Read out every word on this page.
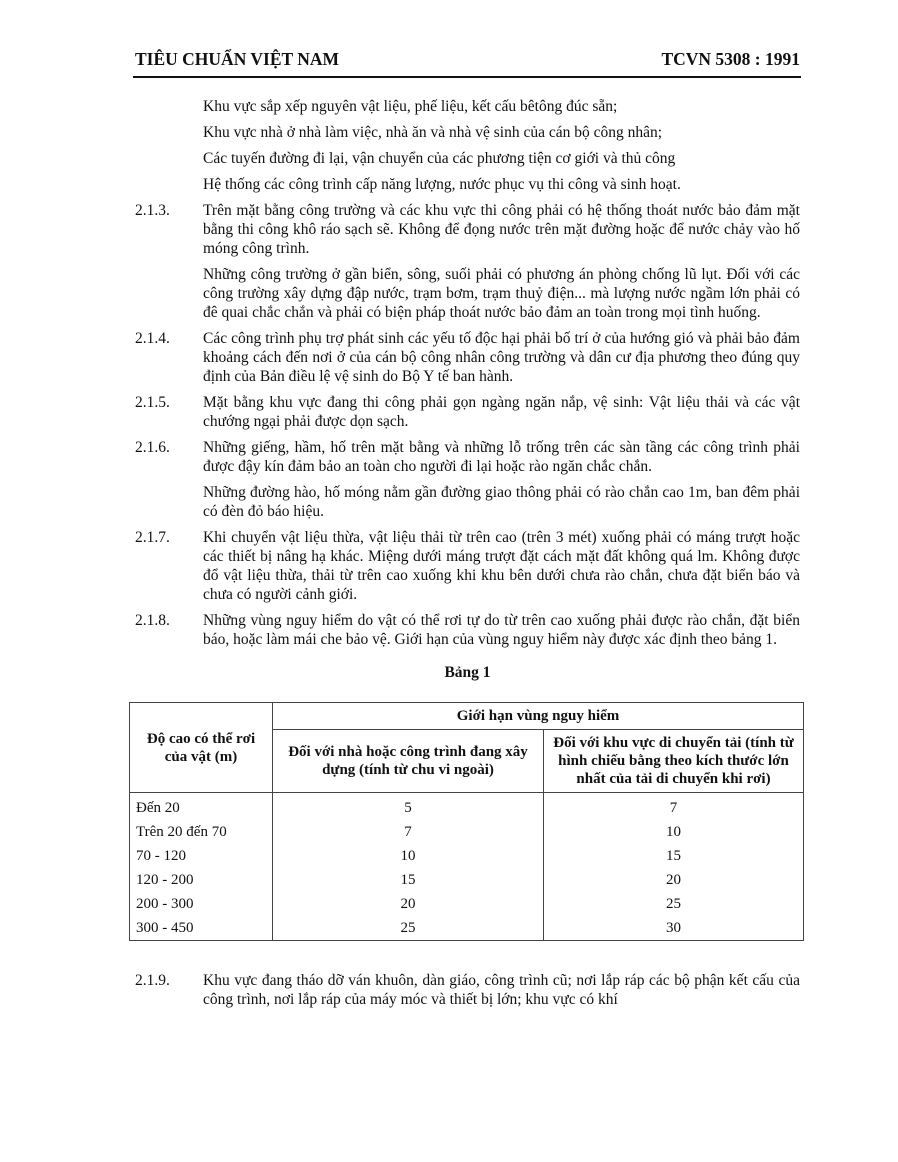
TIÊU CHUẨN VIỆT NAM	TCVN 5308 : 1991

Khu vực sắp xếp nguyên vật liệu, phế liệu, kết cấu bêtông đúc sẵn;

Khu vực nhà ở nhà làm việc, nhà ăn và nhà vệ sinh của cán bộ công nhân;

Các tuyến đường đi lại, vận chuyển của các phương tiện cơ giới và thủ công

Hệ thống các công trình cấp năng lượng, nước phục vụ thi công và sinh hoạt.

2.1.3.	Trên mặt bằng công trường và các khu vực thi công phải có hệ thống thoát nước bảo đảm mặt bằng thi công khô ráo sạch sẽ. Không để đọng nước trên mặt đường hoặc để nước chảy vào hố móng công trình.

Những công trường ở gần biển, sông, suối phải có phương án phòng chống lũ lụt. Đối với các công trường xây dựng đập nước, trạm bơm, trạm thuỷ điện... mà lượng nước ngầm lớn phải có đê quai chắc chắn và phải có biện pháp thoát nước bảo đảm an toàn trong mọi tình huống.

2.1.4.	Các công trình phụ trợ phát sinh các yếu tố độc hại phải bố trí ở của hướng gió và phải bảo đảm khoảng cách đến nơi ở của cán bộ công nhân công trường và dân cư địa phương theo đúng quy định của Bản điều lệ vệ sinh do Bộ Y tế ban hành.
2.1.5.	Mặt bằng khu vực đang thi công phải gọn ngàng ngăn nắp, vệ sinh: Vật liệu thải và các vật chướng ngại phải được dọn sạch.
2.1.6.	Những giếng, hầm, hố trên mặt bằng và những lỗ trống trên các sàn tầng các công trình phải được đậy kín đảm bảo an toàn cho người đi lại hoặc rào ngăn chắc chắn.

Những đường hào, hố móng nằm gần đường giao thông phải có rào chắn cao 1m, ban đêm phải có đèn đỏ báo hiệu.

2.1.7.	Khi chuyển vật liệu thừa, vật liệu thải từ trên cao (trên 3 mét) xuống phải có máng trượt hoặc các thiết bị nâng hạ khác. Miệng dưới máng trượt đặt cách mặt đất không quá lm. Không được đổ vật liệu thừa, thải từ trên cao xuống khi khu bên dưới chưa rào chắn, chưa đặt biển báo và chưa có người cảnh giới.
2.1.8.	Những vùng nguy hiểm do vật có thể rơi tự do từ trên cao xuống phải được rào chắn, đặt biển báo, hoặc làm mái che bảo vệ. Giới hạn của vùng nguy hiểm này được xác định theo bảng 1.
Bảng 1
Độ cao có thể rơi của vật (m)	Giới hạn vùng nguy hiểm	
	Đối với nhà hoặc công trình đang xây dựng (tính từ chu vi ngoài)	Đối với khu vực di chuyển tải (tính từ hình chiếu bằng theo kích thước lớn nhất của tải di chuyển khi rơi)
Đến 20	5	7
Trên 20 đến 70	7	10
70 - 120	10	15
120 - 200	15	20
200 - 300	20	25
300 - 450	25	30
2.1.9.	Khu vực đang tháo dỡ ván khuôn, dàn giáo, công trình cũ; nơi lắp ráp các bộ phận kết cấu của công trình, nơi lắp ráp của máy móc và thiết bị lớn; khu vực có khí
